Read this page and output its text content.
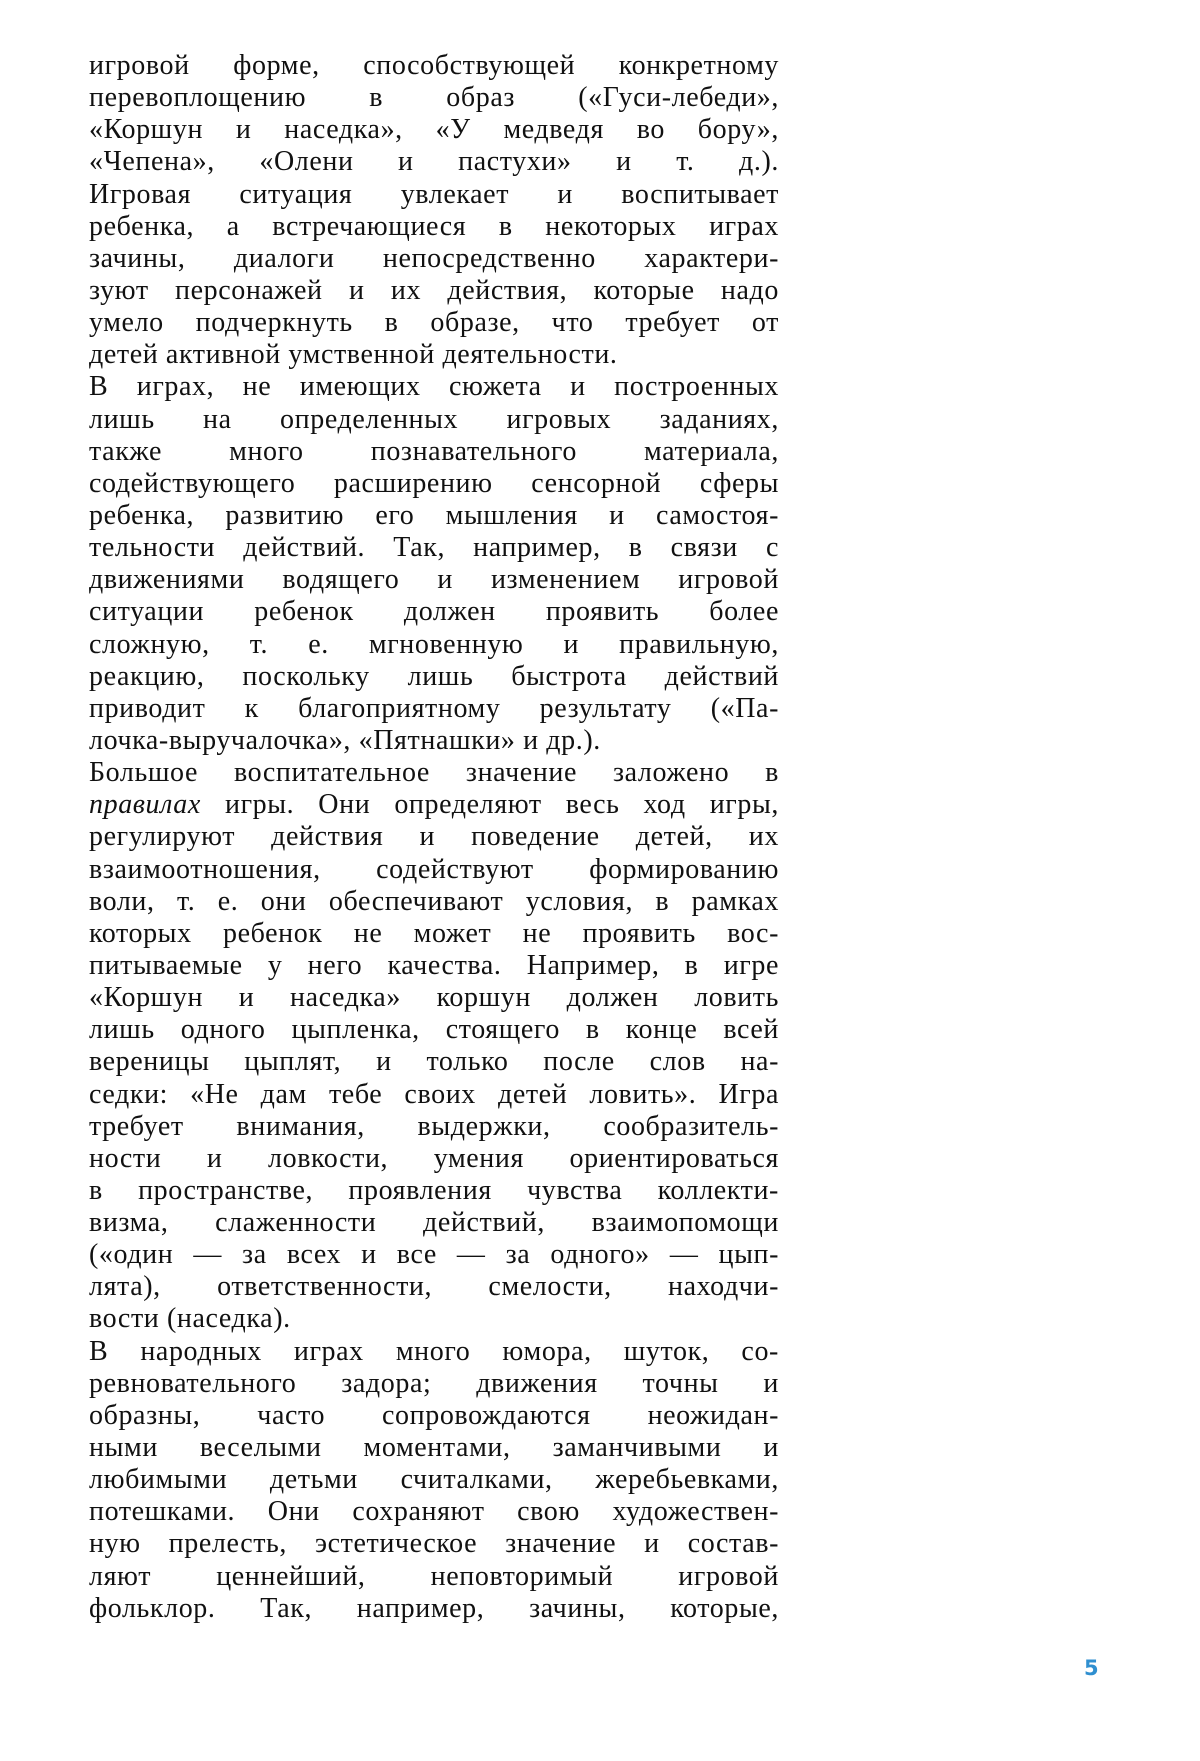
игровой форме, способствующей конкретному
перевоплощению в образ («Гуси-лебеди»,
«Коршун и наседка», «У медведя во бору»,
«Чепена», «Олени и пастухи» и т. д.).
Игровая ситуация увлекает и воспитывает
ребенка, а встречающиеся в некоторых играх
зачины, диалоги непосредственно характери-
зуют персонажей и их действия, которые надо
умело подчеркнуть в образе, что требует от
детей активной умственной деятельности.
В играх, не имеющих сюжета и построенных
лишь на определенных игровых заданиях,
также много познавательного материала,
содействующего расширению сенсорной сферы
ребенка, развитию его мышления и самостоя-
тельности действий. Так, например, в связи с
движениями водящего и изменением игровой
ситуации ребенок должен проявить более
сложную, т. е. мгновенную и правильную,
реакцию, поскольку лишь быстрота действий
приводит к благоприятному результату («Па-
лочка-выручалочка», «Пятнашки» и др.).
Большое воспитательное значение заложено в
правилах игры. Они определяют весь ход игры,
регулируют действия и поведение детей, их
взаимоотношения, содействуют формированию
воли, т. е. они обеспечивают условия, в рамках
которых ребенок не может не проявить вос-
питываемые у него качества. Например, в игре
«Коршун и наседка» коршун должен ловить
лишь одного цыпленка, стоящего в конце всей
вереницы цыплят, и только после слов на-
седки: «Не дам тебе своих детей ловить». Игра
требует внимания, выдержки, сообразитель-
ности и ловкости, умения ориентироваться
в пространстве, проявления чувства коллекти-
визма, слаженности действий, взаимопомощи
(«один — за всех и все — за одного» — цып-
лята), ответственности, смелости, находчи-
вости (наседка).
В народных играх много юмора, шуток, со-
ревновательного задора; движения точны и
образны, часто сопровождаются неожидан-
ными веселыми моментами, заманчивыми и
любимыми детьми считалками, жеребьевками,
потешками. Они сохраняют свою художествен-
ную прелесть, эстетическое значение и состав-
ляют ценнейший, неповторимый игровой
фольклор. Так, например, зачины, которые,
5
